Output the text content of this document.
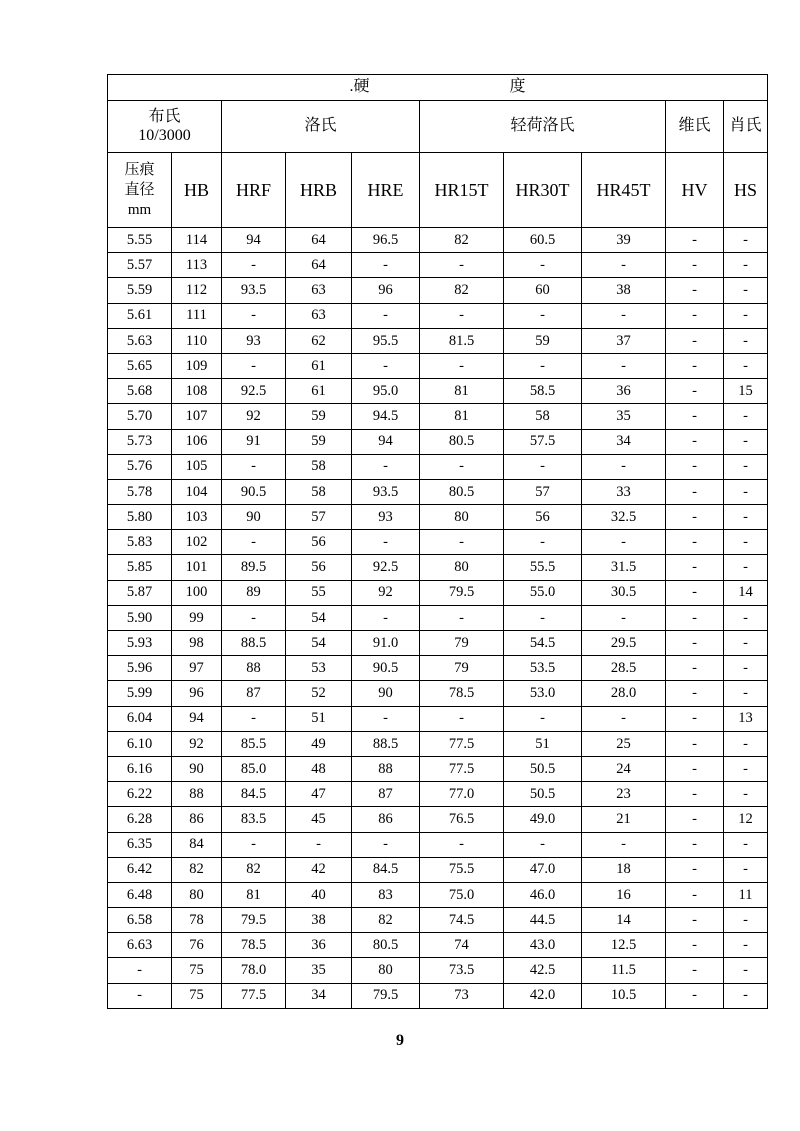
.硬 度									

布氏
10/3000		洛氏			轻荷洛氏			维氏	肖氏

压痕
直径
mm	HB	HRF	HRB	HRE	HR15T	HR30T	HR45T	HV	HS
5.55	114	94	64	96.5	82	60.5	39	-	-
5.57	113	-	64	-	-	-	-	-	-
5.59	112	93.5	63	96	82	60	38	-	-
5.61	111	-	63	-	-	-	-	-	-
5.63	110	93	62	95.5	81.5	59	37	-	-
5.65	109	-	61	-	-	-	-	-	-
5.68	108	92.5	61	95.0	81	58.5	36	-	15
5.70	107	92	59	94.5	81	58	35	-	-
5.73	106	91	59	94	80.5	57.5	34	-	-
5.76	105	-	58	-	-	-	-	-	-
5.78	104	90.5	58	93.5	80.5	57	33	-	-
5.80	103	90	57	93	80	56	32.5	-	-
5.83	102	-	56	-	-	-	-	-	-
5.85	101	89.5	56	92.5	80	55.5	31.5	-	-
5.87	100	89	55	92	79.5	55.0	30.5	-	14
5.90	99	-	54	-	-	-	-	-	-
5.93	98	88.5	54	91.0	79	54.5	29.5	-	-
5.96	97	88	53	90.5	79	53.5	28.5	-	-
5.99	96	87	52	90	78.5	53.0	28.0	-	-
6.04	94	-	51	-	-	-	-	-	13
6.10	92	85.5	49	88.5	77.5	51	25	-	-
6.16	90	85.0	48	88	77.5	50.5	24	-	-
6.22	88	84.5	47	87	77.0	50.5	23	-	-
6.28	86	83.5	45	86	76.5	49.0	21	-	12
6.35	84	-	-	-	-	-	-	-	-
6.42	82	82	42	84.5	75.5	47.0	18	-	-
6.48	80	81	40	83	75.0	46.0	16	-	11
6.58	78	79.5	38	82	74.5	44.5	14	-	-
6.63	76	78.5	36	80.5	74	43.0	12.5	-	-
-	75	78.0	35	80	73.5	42.5	11.5	-	-
-	75	77.5	34	79.5	73	42.0	10.5	-	-
9
